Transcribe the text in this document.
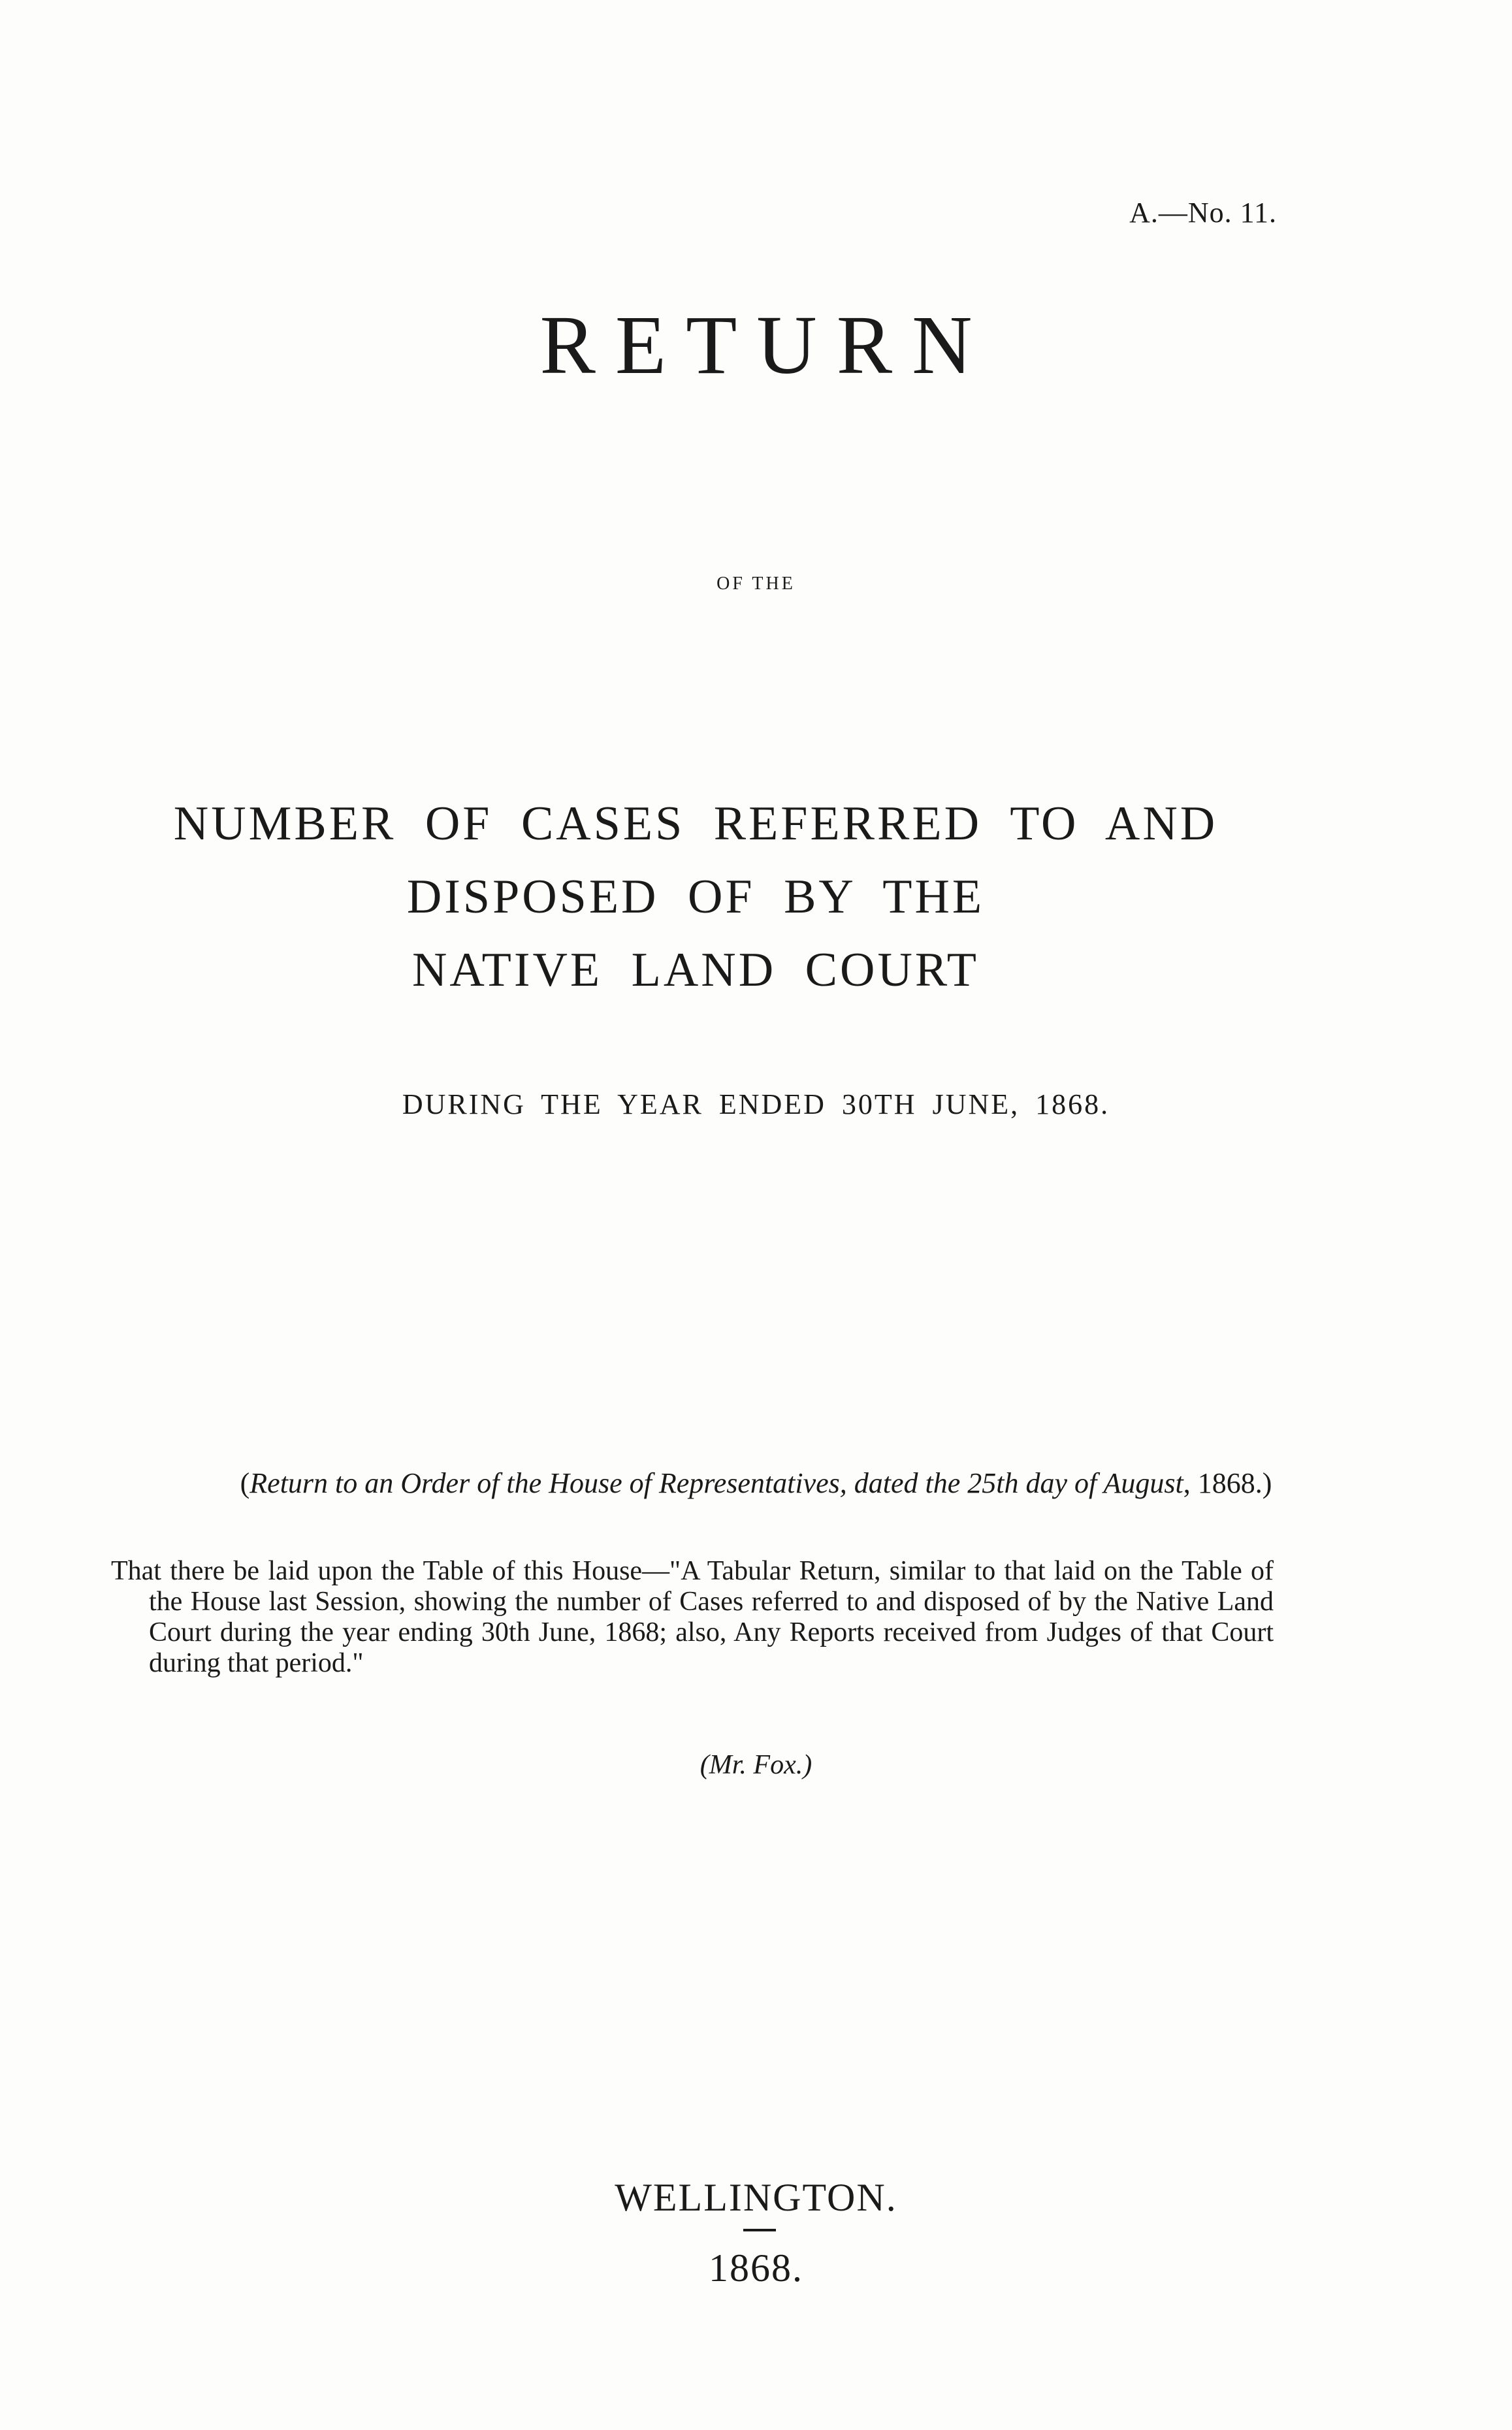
A.—No. 11.
RETURN
OF THE
NUMBER OF CASES REFERRED TO AND DISPOSED OF BY THE
NATIVE LAND COURT
DURING THE YEAR ENDED 30TH JUNE, 1868.
(Return to an Order of the House of Representatives, dated the 25th day of August, 1868.)
That there be laid upon the Table of this House—"A Tabular Return, similar to that laid on the Table of the House last Session, showing the number of Cases referred to and disposed of by the Native Land Court during the year ending 30th June, 1868; also, Any Reports received from Judges of that Court during that period."
(Mr. Fox.)
WELLINGTON.
1868.
